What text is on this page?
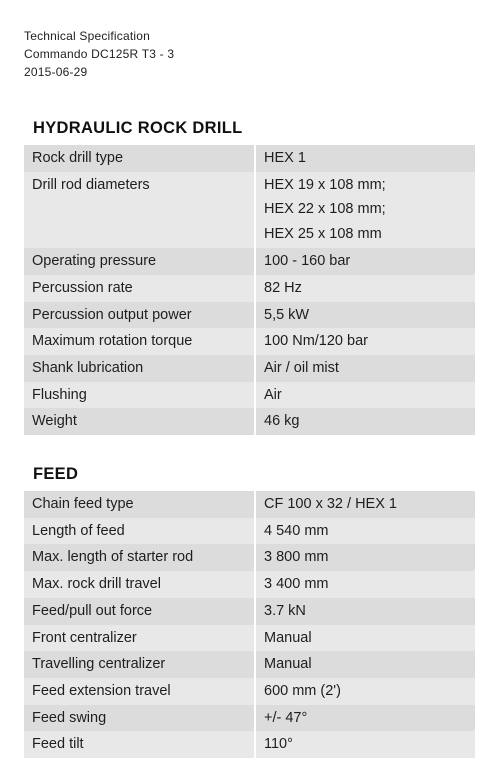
Technical Specification
Commando DC125R T3 - 3
2015-06-29
HYDRAULIC ROCK DRILL
Rock drill type	HEX 1
Drill rod diameters	HEX 19 x 108 mm;
HEX 22 x 108 mm;
HEX 25 x 108 mm
Operating pressure	100 - 160 bar
Percussion rate	82 Hz
Percussion output power	5,5 kW
Maximum rotation torque	100 Nm/120 bar
Shank lubrication	Air / oil mist
Flushing	Air
Weight	46 kg
FEED
Chain feed type	CF 100 x 32 / HEX 1
Length of feed	4 540 mm
Max. length of starter rod	3 800 mm
Max. rock drill travel	3 400 mm
Feed/pull out force	3.7 kN
Front centralizer	Manual
Travelling centralizer	Manual
Feed extension travel	600 mm (2')
Feed swing	+/- 47°
Feed tilt	110°
